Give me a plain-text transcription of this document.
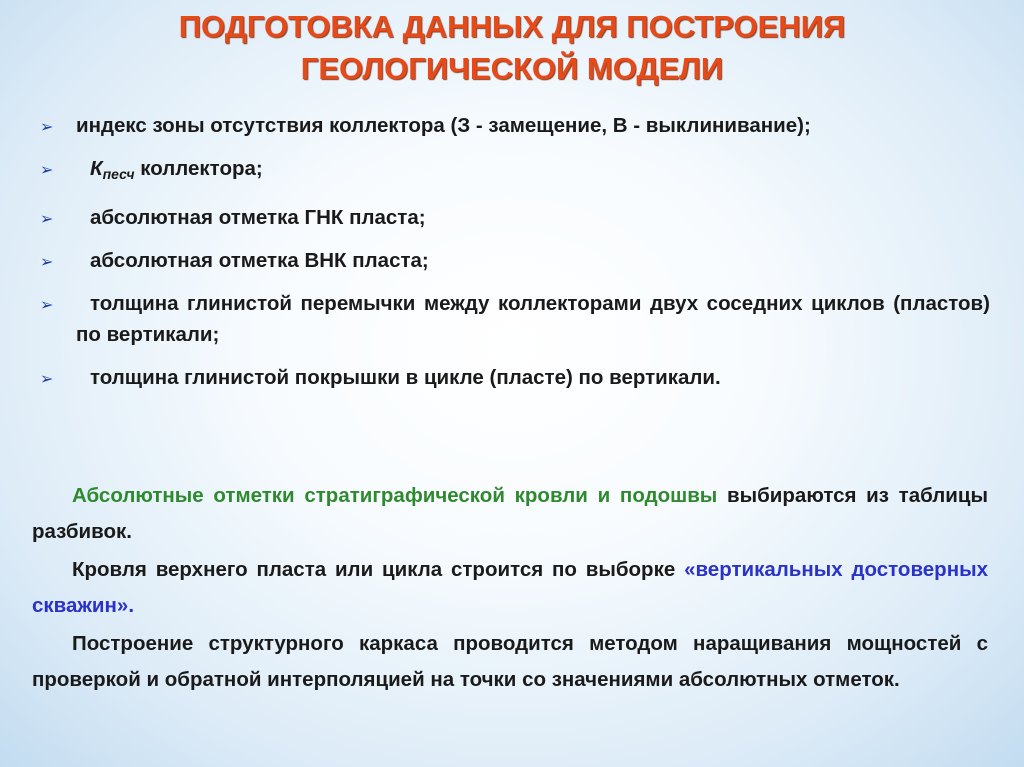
ПОДГОТОВКА ДАННЫХ ДЛЯ ПОСТРОЕНИЯ
ГЕОЛОГИЧЕСКОЙ МОДЕЛИ
➢ индекс зоны отсутствия коллектора (З - замещение, В - выклинивание);
➢	$К_{песч}$ коллектора;
➢	абсолютная отметка ГНК пласта;
➢	абсолютная отметка ВНК пласта;
➢	толщина глинистой перемычки между коллекторами двух соседних циклов (пластов) по вертикали;
➢	толщина глинистой покрышки в цикле (пласте) по вертикали.

Абсолютные отметки стратиграфической кровли и подошвы выбираются из таблицы разбивок.

Кровля верхнего пласта или цикла строится по выборке «вертикальных достоверных скважин».

Построение структурного каркаса проводится методом наращивания мощностей с проверкой и обратной интерполяцией на точки со значениями абсолютных отметок.
